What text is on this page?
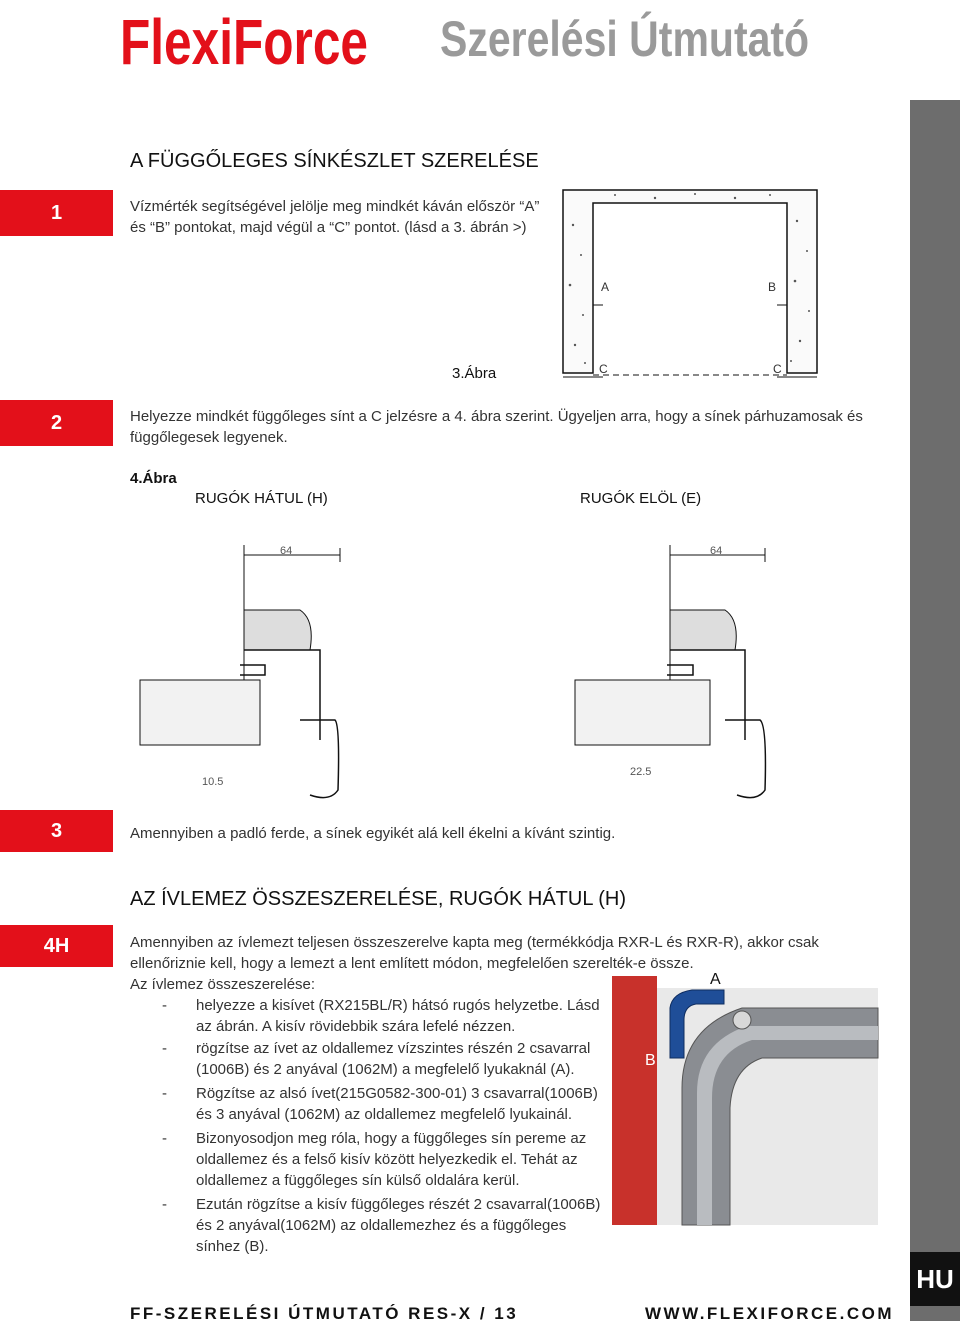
FlexiForce Szerelési Útmutató
A FÜGGŐLEGES SÍNKÉSZLET SZERELÉSE
1	Vízmérték segítségével jelölje meg mindkét káván először “A” és “B” pontokat, majd végül a “C” pontot. (lásd a 3. ábrán >)
A	B
C	C
3.Ábra
2	Helyezze mindkét függőleges sínt a C jelzésre a 4. ábra szerint. Ügyeljen arra, hogy a sínek párhuzamosak és függőlegesek legyenek.
4.Ábra
RUGÓK HÁTUL (H)	RUGÓK ELÖL (E)
64
10.5
64
22.5
3	Amennyiben a padló ferde, a sínek egyikét alá kell ékelni a kívánt szintig.
AZ ÍVLEMEZ ÖSSZESZERELÉSE, RUGÓK HÁTUL (H)
4H	Amennyiben az ívlemezt teljesen összeszerelve kapta meg (termékkódja RXR-L és RXR-R), akkor csak ellenőriznie kell, hogy a lemezt a lent említett módon, megfelelően szerelték-e össze.
A
B
Az ívlemez összeszerelése:
- helyezze a kisívet (RX215BL/R) hátsó rugós helyzetbe. Lásd az ábrán. A kisív rövidebbik szára lefelé nézzen.
- rögzítse az ívet az oldallemez vízszintes részén 2 csavarral (1006B) és 2 anyával (1062M) a megfelelő lyukaknál (A).
- Rögzítse az alsó ívet(215G0582-300-01) 3 csavarral(1006B) és 3 anyával (1062M) az oldallemez megfelelő lyukainál.
- Bizonyosodjon meg róla, hogy a függőleges sín pereme az oldallemez és a felső kisív között helyezkedik el. Tehát az oldallemez a függőleges sín külső oldalára kerül.
- Ezután rögzítse a kisív függőleges részét 2 csavarral(1006B) és 2 anyával(1062M) az oldallemezhez és a függőleges sínhez (B).
HU
FF-SZERELÉSI ÚTMUTATÓ RES-X / 13	WWW.FLEXIFORCE.COM
